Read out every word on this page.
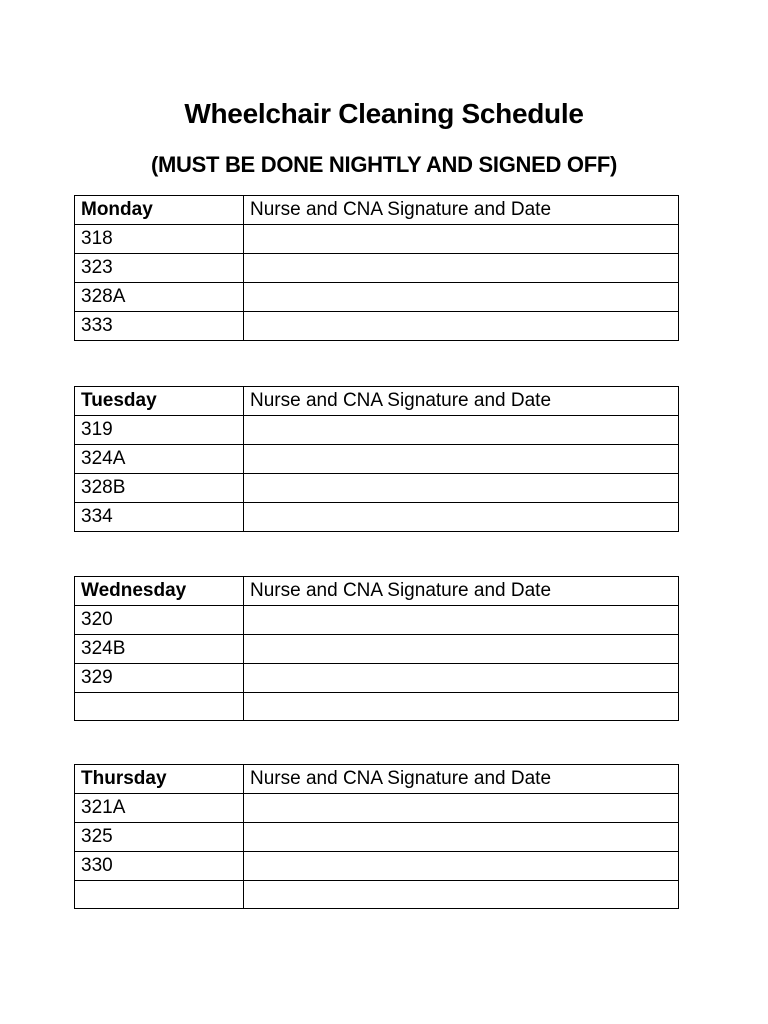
Wheelchair Cleaning Schedule
(MUST BE DONE NIGHTLY AND SIGNED OFF)
Monday	Nurse and CNA Signature and Date
318	
323	
328A	
333	
Tuesday	Nurse and CNA Signature and Date
319	
324A	
328B	
334	
Wednesday	Nurse and CNA Signature and Date
320	
324B	
329	

Thursday	Nurse and CNA Signature and Date
321A	
325	
330	
